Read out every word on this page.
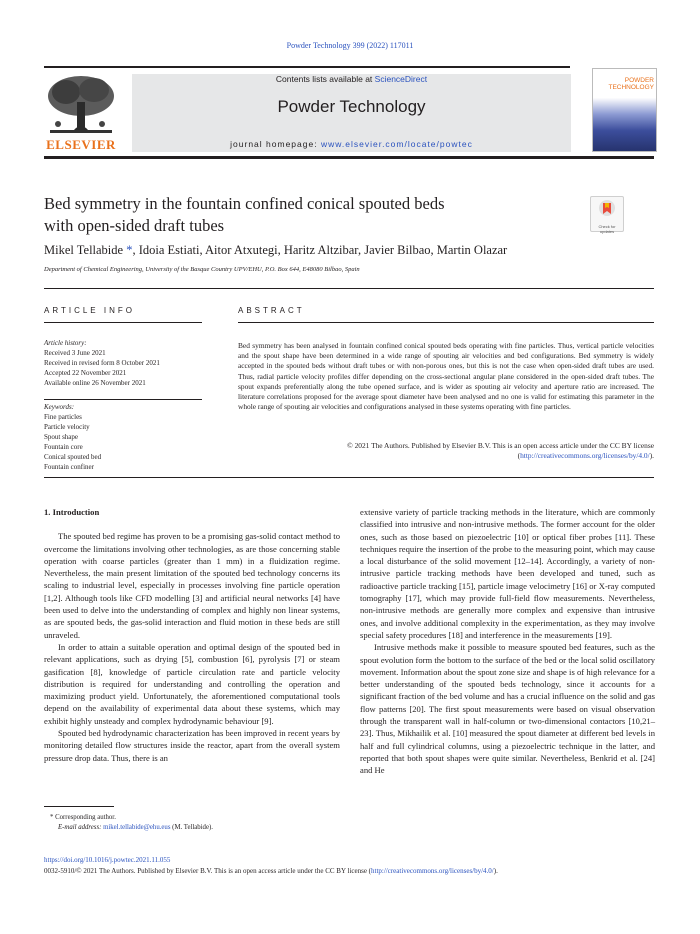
Powder Technology 399 (2022) 117011
ELSEVIER
Contents lists available at ScienceDirect
Powder Technology
journal homepage: www.elsevier.com/locate/powtec
POWDER TECHNOLOGY
Bed symmetry in the fountain confined conical spouted beds
with open-sided draft tubes	Check for updates
Mikel Tellabide *, Idoia Estiati, Aitor Atxutegi, Haritz Altzibar, Javier Bilbao, Martin Olazar
Department of Chemical Engineering, University of the Basque Country UPV/EHU, P.O. Box 644, E48080 Bilbao, Spain
ARTICLE INFO	ABSTRACT
Article history:
Received 3 June 2021
Received in revised form 8 October 2021
Accepted 22 November 2021
Available online 26 November 2021
Keywords:
Fine particles
Particle velocity
Spout shape
Fountain core
Conical spouted bed
Fountain confiner
Bed symmetry has been analysed in fountain confined conical spouted beds operating with fine particles. Thus, vertical particle velocities and the spout shape have been determined in a wide range of spouting air velocities and bed configurations. Bed symmetry is widely accepted in the spouted beds without draft tubes or with non-porous ones, but this is not the case when open-sided draft tubes are used. Thus, radial particle velocity profiles differ depending on the cross-sectional angular plane considered in the open-sided draft tubes. The spout expands preferentially along the tube opened surface, and is wider as spouting air velocity and aperture ratio are increased. The literature correlations proposed for the average spout diameter have been analysed and no one is valid for estimating this parameter in the whole range of spouting air velocities and configurations analysed in these systems operating with fine particles.
© 2021 The Authors. Published by Elsevier B.V. This is an open access article under the CC BY license (http://creativecommons.org/licenses/by/4.0/).
1. Introduction

The spouted bed regime has proven to be a promising gas-solid contact method to overcome the limitations involving other technologies, as are those concerning stable operation with coarse particles (greater than 1 mm) in a fluidization regime. Nevertheless, the main present limitation of the spouted bed technology concerns its scaling to industrial level, especially in processes involving fine particle operation [1,2]. Although tools like CFD modelling [3] and artificial neural networks [4] have been used to delve into the understanding of complex and highly non linear systems, as are spouted beds, the gas-solid interaction and fluid motion in these beds are still unraveled.

In order to attain a suitable operation and optimal design of the spouted bed in relevant applications, such as drying [5], combustion [6], pyrolysis [7] or steam gasification [8], knowledge of particle circulation rate and particle velocity distribution is required for understanding and controlling the operation and maximizing product yield. Unfortunately, the aforementioned computational tools depend on the availability of experimental data about these systems, which may exhibit highly unsteady and complex hydrodynamic behaviour [9].

Spouted bed hydrodynamic characterization has been improved in recent years by monitoring detailed flow structures inside the reactor, apart from the overall system pressure drop data. Thus, there is an

extensive variety of particle tracking methods in the literature, which are commonly classified into intrusive and non-intrusive methods. The former account for the older ones, such as those based on piezoelectric [10] or optical fiber probes [11]. These techniques require the insertion of the probe to the measuring point, which may cause a local disturbance of the solid movement [12–14]. Accordingly, a variety of non-intrusive particle tracking methods have been developed and tuned, such as radioactive particle tracking [15], particle image velocimetry [16] or X-ray computed tomography [17], which may provide full-field flow measurements. Nevertheless, non-intrusive methods are generally more complex and expensive than intrusive ones, and involve additional complexity in the experimentation, as they may involve special safety procedures [18] and interference in the measurements [19].

Intrusive methods make it possible to measure spouted bed features, such as the spout evolution form the bottom to the surface of the bed or the local solid oscillatory movement. Information about the spout zone size and shape is of high relevance for a better understanding of the spouted beds technology, since it accounts for a significant fraction of the bed volume and has a crucial influence on the solid and gas flow patterns [20]. The first spout measurements were based on visual observation through the transparent wall in half-column or two-dimensional contactors [10,21–23]. Thus, Mikhailik et al. [10] measured the spout diameter at different bed levels in half and full cylindrical columns, using a piezoelectric technique in the latter, and reported that both spout shapes were quite similar. Nevertheless, Benkrid et al. [24] and He

* Corresponding author.
E-mail address: mikel.tellabide@ehu.eus (M. Tellabide).
https://doi.org/10.1016/j.powtec.2021.11.055
0032-5910/© 2021 The Authors. Published by Elsevier B.V. This is an open access article under the CC BY license (http://creativecommons.org/licenses/by/4.0/).
